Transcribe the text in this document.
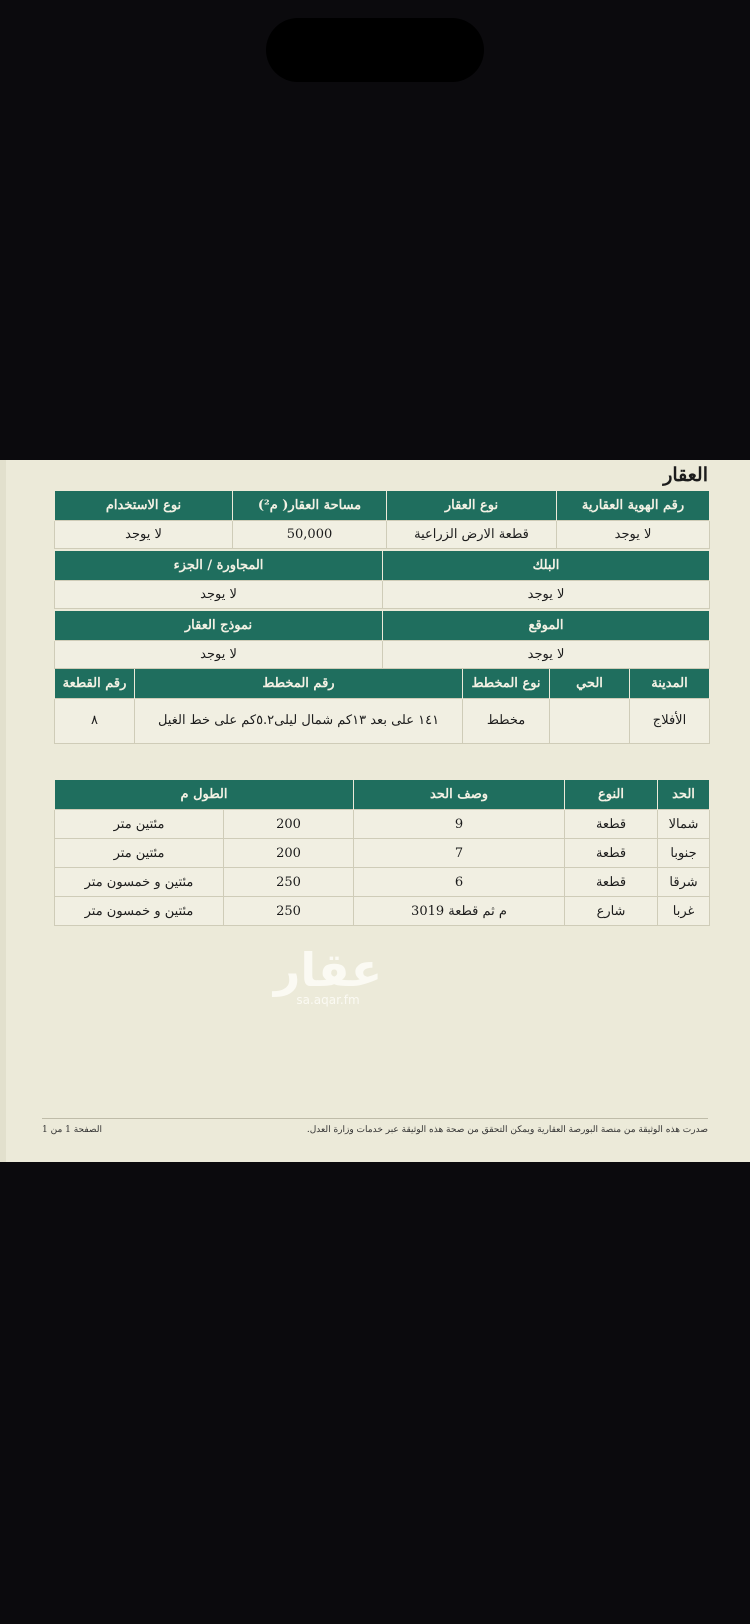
العقار
رقم الهوية العقارية	نوع العقار	مساحة العقار( م²)	نوع الاستخدام
لا يوجد	قطعة الارض الزراعية	50,000	لا يوجد
البلك	المجاورة / الجزء
لا يوجد	لا يوجد
الموقع	نموذج العقار
لا يوجد	لا يوجد
المدينة	الحي	نوع المخطط	رقم المخطط	رقم القطعة
الأفلاج		مخطط	١٤١ على بعد ١٣كم شمال ليلى٥.٢كم على خط الغيل	٨
الحد	النوع	وصف الحد	الطول م	
شمالا	قطعة	9	200	مئتين متر
جنوبا	قطعة	7	200	مئتين متر
شرقا	قطعة	6	250	مئتين و خمسون متر
غربا	شارع	م ثم قطعة 3019	250	مئتين و خمسون متر
عقار
sa.aqar.fm
صدرت هذه الوثيقة من منصة البورصة العقارية ويمكن التحقق من صحة هذه الوثيقة عبر خدمات وزارة العدل.
الصفحة 1 من 1
